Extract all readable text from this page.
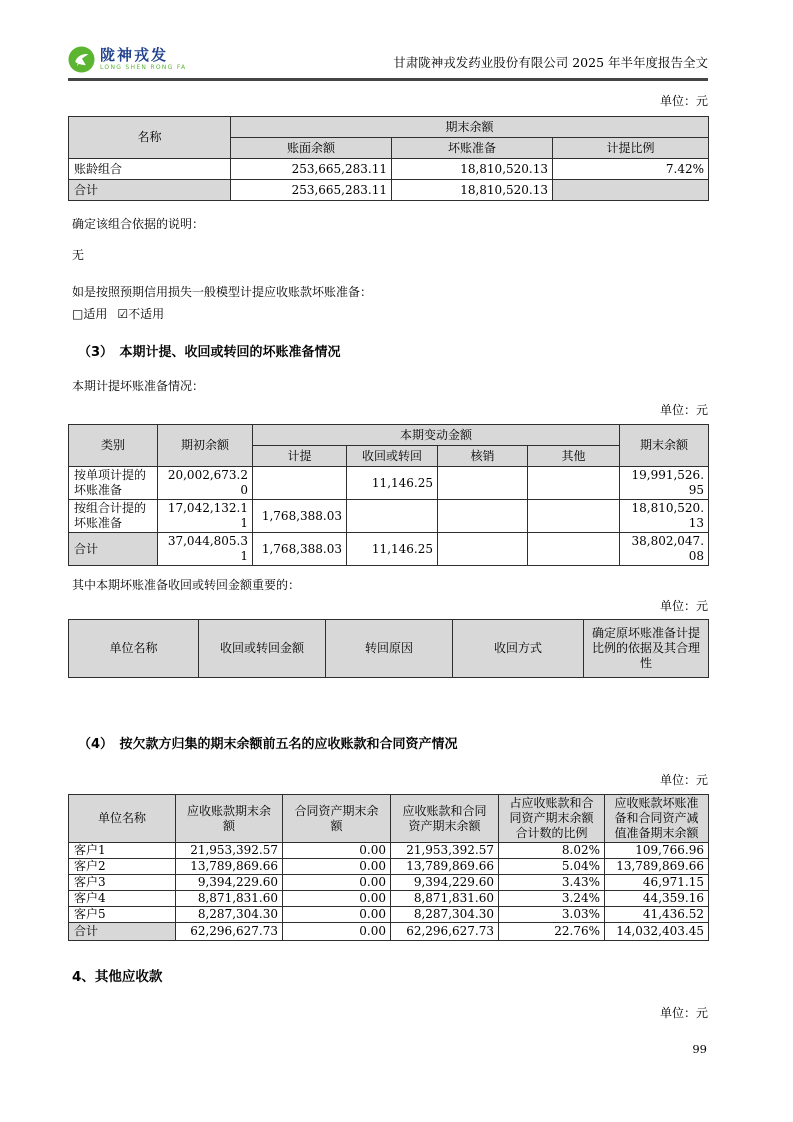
陇神戎发
LONG SHEN RONG FA	甘肃陇神戎发药业股份有限公司 2025 年半年度报告全文
单位：元
名称	期末余额		
	账面余额	坏账准备	计提比例
账龄组合	253,665,283.11	18,810,520.13	7.42%
合计	253,665,283.11	18,810,520.13	

确定该组合依据的说明：

无

如是按照预期信用损失一般模型计提应收账款坏账准备：

□适用 ☑不适用

（3）　本期计提、收回或转回的坏账准备情况

本期计提坏账准备情况：

单位：元
类别	期初余额	本期变动金额				期末余额
		计提	收回或转回	核销	其他	
按单项计提的坏账准备	20,002,673.20		11,146.25			19,991,526.95
按组合计提的坏账准备	17,042,132.11	1,768,388.03				18,810,520.13
合计	37,044,805.31	1,768,388.03	11,146.25			38,802,047.08

其中本期坏账准备收回或转回金额重要的：

单位：元
单位名称	收回或转回金额	转回原因	收回方式	确定原坏账准备计提比例的依据及其合理性
（4）　按欠款方归集的期末余额前五名的应收账款和合同资产情况
单位：元
单位名称	应收账款期末余额	合同资产期末余额	应收账款和合同资产期末余额	占应收账款和合同资产期末余额合计数的比例	应收账款坏账准备和合同资产减值准备期末余额
客户1	21,953,392.57	0.00	21,953,392.57	8.02%	109,766.96
客户2	13,789,869.66	0.00	13,789,869.66	5.04%	13,789,869.66
客户3	9,394,229.60	0.00	9,394,229.60	3.43%	46,971.15
客户4	8,871,831.60	0.00	8,871,831.60	3.24%	44,359.16
客户5	8,287,304.30	0.00	8,287,304.30	3.03%	41,436.52
合计	62,296,627.73	0.00	62,296,627.73	22.76%	14,032,403.45
4、其他应收款
单位：元
99
